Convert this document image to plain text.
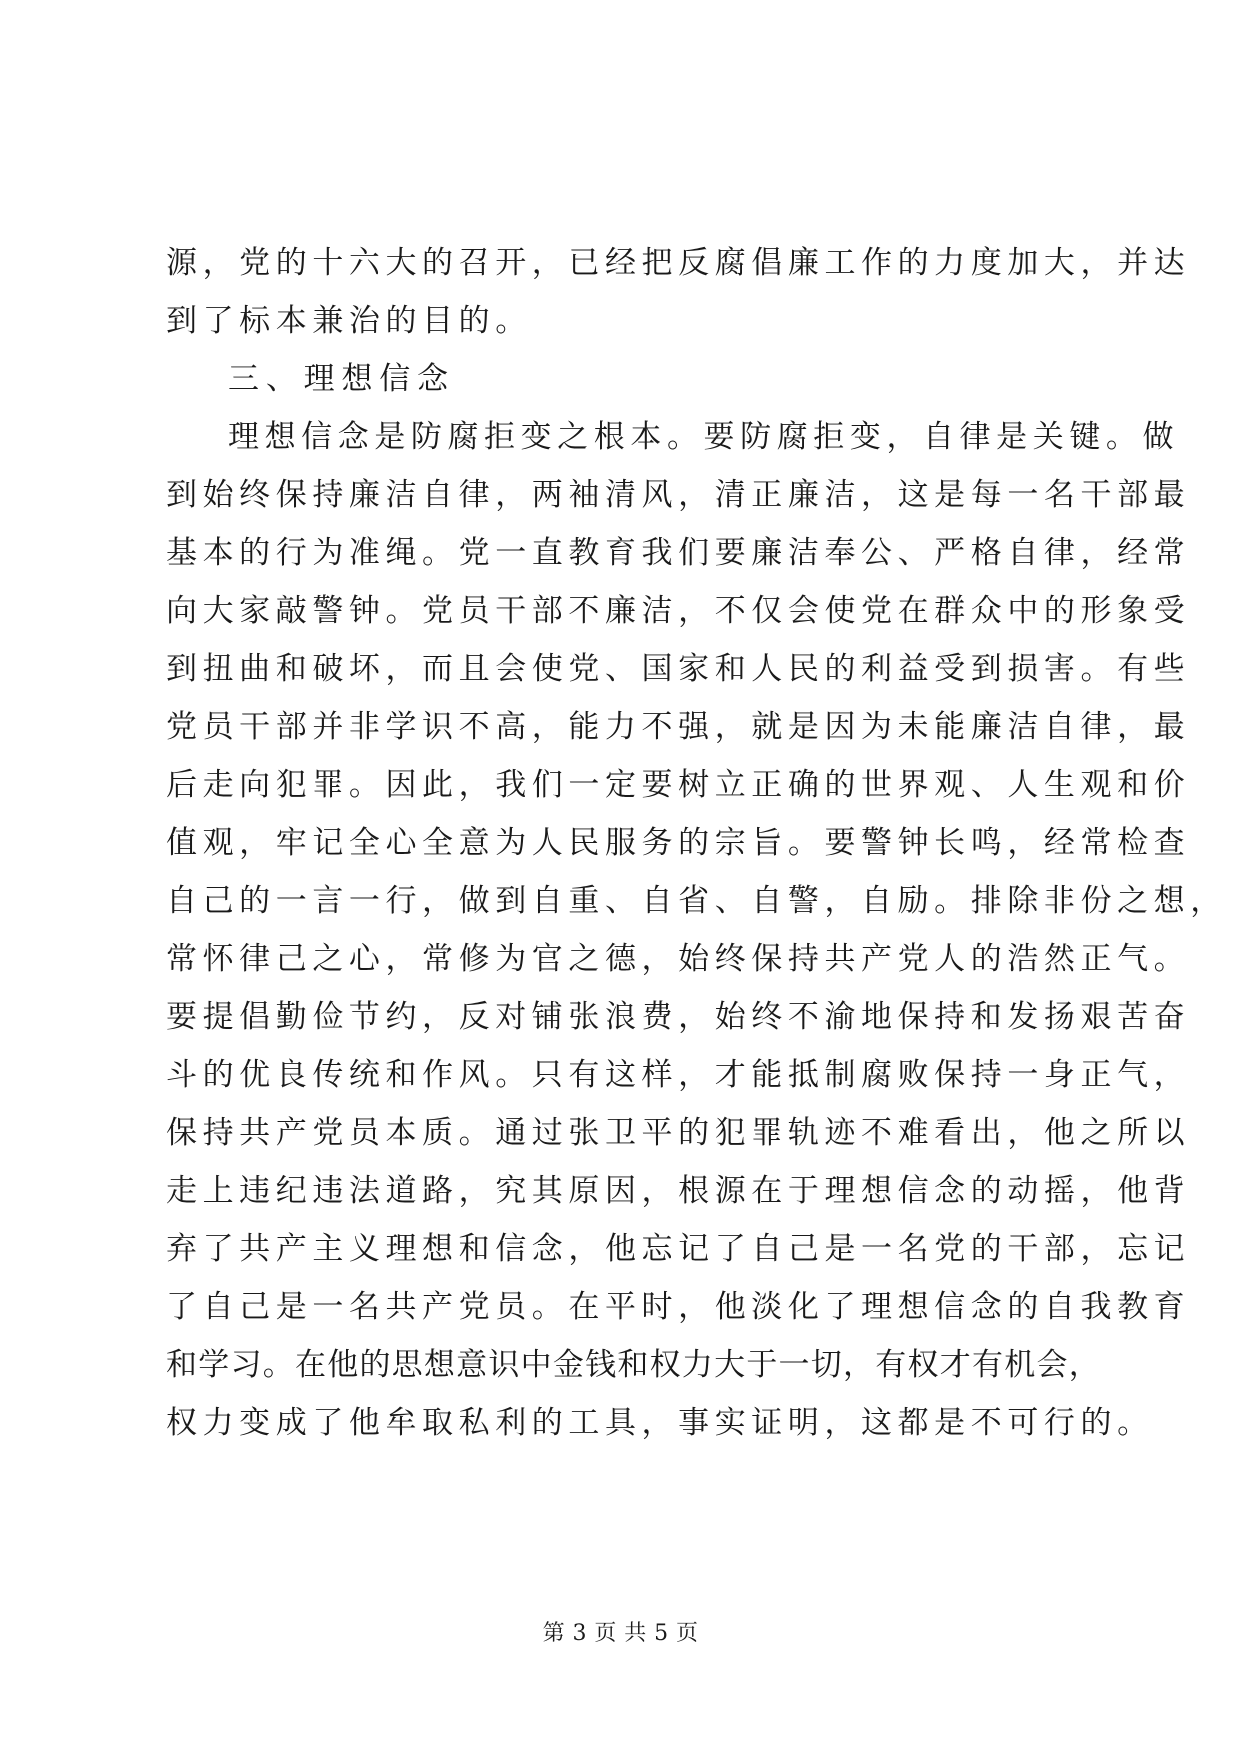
源，党的十六大的召开，已经把反腐倡廉工作的力度加大，并达
到了标本兼治的目的。
三、理想信念
理想信念是防腐拒变之根本。要防腐拒变，自律是关键。做
到始终保持廉洁自律，两袖清风，清正廉洁，这是每一名干部最
基本的行为准绳。党一直教育我们要廉洁奉公、严格自律，经常
向大家敲警钟。党员干部不廉洁，不仅会使党在群众中的形象受
到扭曲和破坏，而且会使党、国家和人民的利益受到损害。有些
党员干部并非学识不高，能力不强，就是因为未能廉洁自律，最
后走向犯罪。因此，我们一定要树立正确的世界观、人生观和价
值观，牢记全心全意为人民服务的宗旨。要警钟长鸣，经常检查
自己的一言一行，做到自重、自省、自警，自励。排除非份之想，
常怀律己之心，常修为官之德，始终保持共产党人的浩然正气。
要提倡勤俭节约，反对铺张浪费，始终不渝地保持和发扬艰苦奋
斗的优良传统和作风。只有这样，才能抵制腐败保持一身正气，
保持共产党员本质。通过张卫平的犯罪轨迹不难看出，他之所以
走上违纪违法道路，究其原因，根源在于理想信念的动摇，他背
弃了共产主义理想和信念，他忘记了自己是一名党的干部，忘记
了自己是一名共产党员。在平时，他淡化了理想信念的自我教育
和学习。在他的思想意识中金钱和权力大于一切，有权才有机会，
权力变成了他牟取私利的工具，事实证明，这都是不可行的。
第 3 页 共 5 页
